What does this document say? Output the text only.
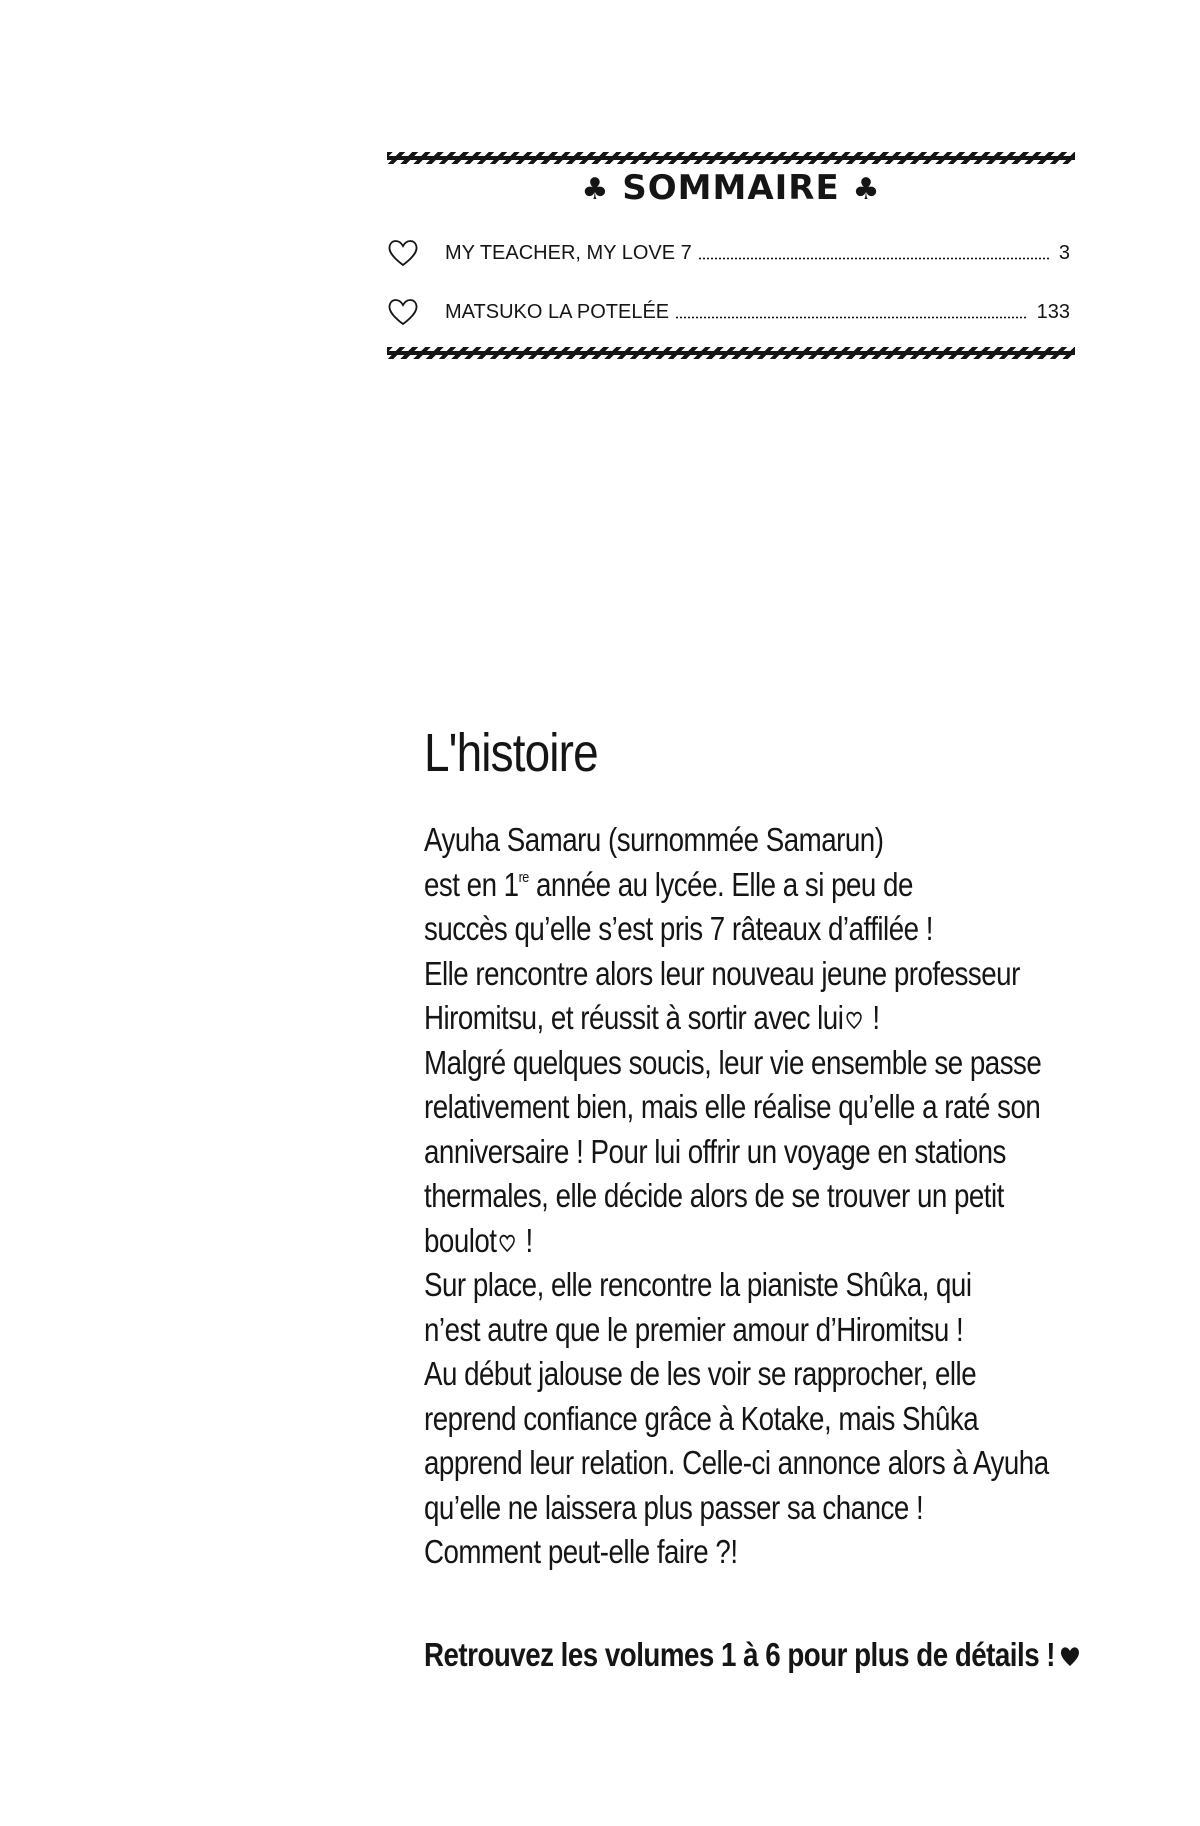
♣ SOMMAIRE ♣
MY TEACHER, MY LOVE 7	3
MATSUKO LA POTELÉE	133
L'histoire
Ayuha Samaru (surnommée Samarun)
est en 1re année au lycée. Elle a si peu de
succès qu’elle s’est pris 7 râteaux d’affilée !
Elle rencontre alors leur nouveau jeune professeur
Hiromitsu, et réussit à sortir avec lui !
Malgré quelques soucis, leur vie ensemble se passe
relativement bien, mais elle réalise qu’elle a raté son
anniversaire ! Pour lui offrir un voyage en stations
thermales, elle décide alors de se trouver un petit
boulot !
Sur place, elle rencontre la pianiste Shûka, qui
n’est autre que le premier amour d’Hiromitsu !
Au début jalouse de les voir se rapprocher, elle
reprend confiance grâce à Kotake, mais Shûka
apprend leur relation. Celle-ci annonce alors à Ayuha
qu’elle ne laissera plus passer sa chance !
Comment peut-elle faire ?!
Retrouvez les volumes 1 à 6 pour plus de détails !
